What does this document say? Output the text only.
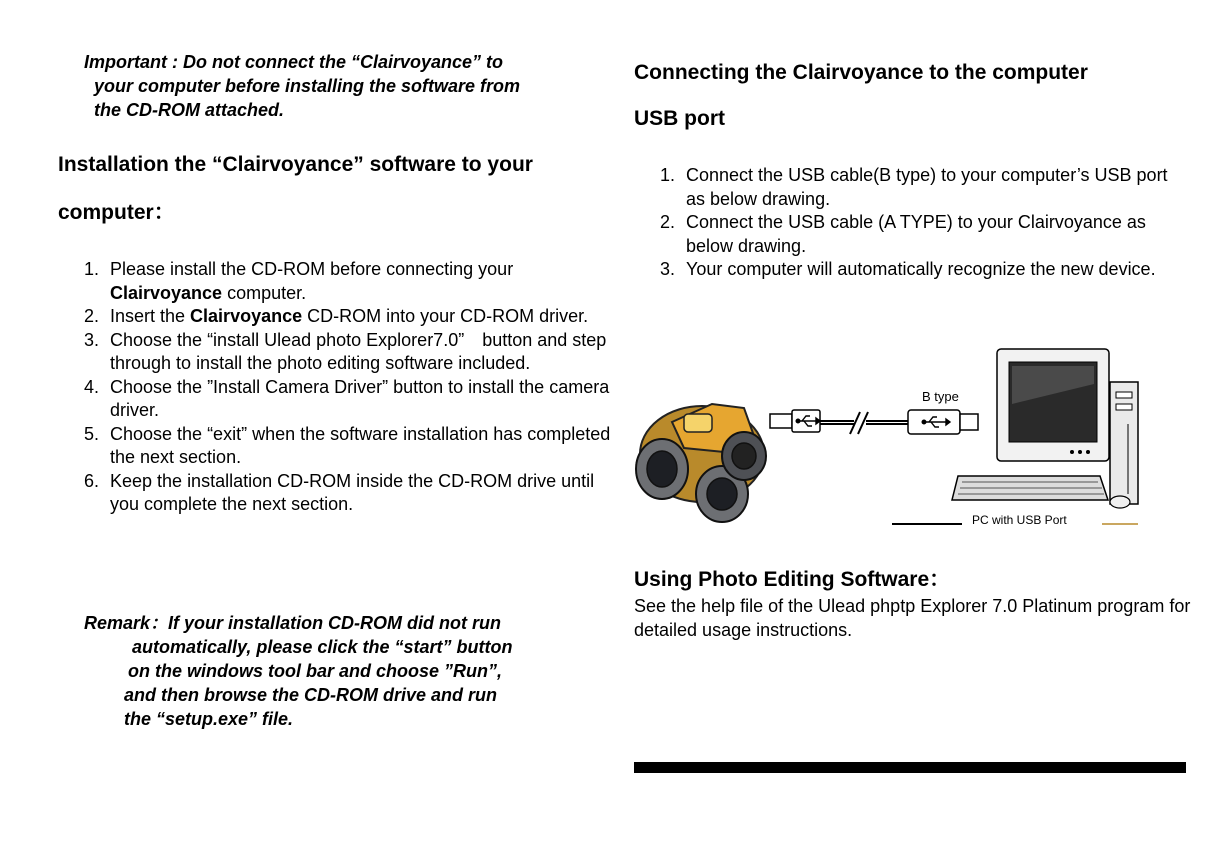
Important : Do not connect the “Clairvoyance” to
your computer before installing the software from
the CD-ROM attached.
Installation the “Clairvoyance” software to your
computer：
1. Please install the CD-ROM before connecting your Clairvoyance computer.
2. Insert the Clairvoyance CD-ROM into your CD-ROM driver.
3. Choose the “install Ulead photo Explorer7.0”　button and step through to install the photo editing software included.
4. Choose the ”Install Camera Driver” button to install the camera driver.
5. Choose the “exit” when the software installation has completed the next section.
6. Keep the installation CD-ROM inside the CD-ROM drive until you complete the next section.
Remark：If your installation CD-ROM did not run
automatically, please click the “start” button
on the windows tool bar and choose ”Run”,
and then browse the CD-ROM drive and run
the “setup.exe” file.
Connecting the Clairvoyance to the computer
USB port
1. Connect the USB cable(B type) to your computer’s USB port as below drawing.
2. Connect the USB cable (A TYPE) to your Clairvoyance as below drawing.
3. Your computer will automatically recognize the new device.
B type
PC with USB Port
Using Photo Editing Software：
See the help file of the Ulead phptp Explorer 7.0 Platinum program for detailed usage instructions.
